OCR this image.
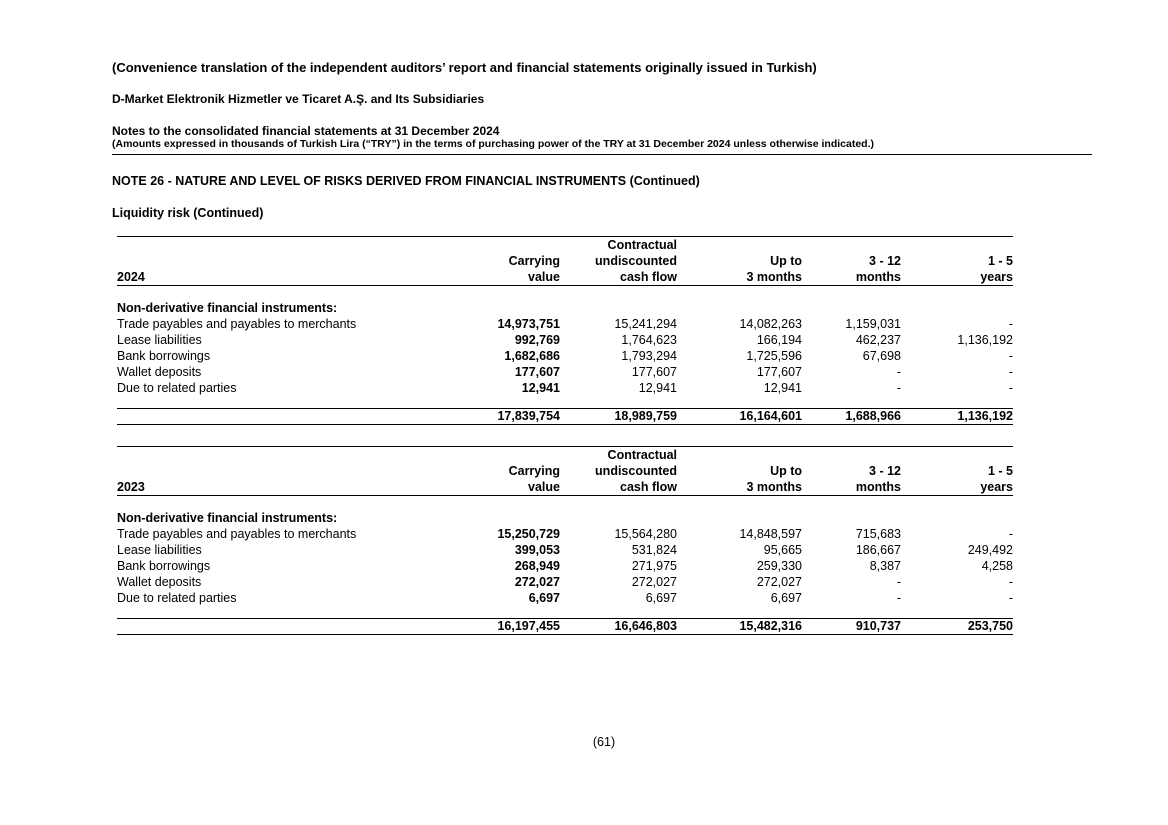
(Convenience translation of the independent auditors’ report and financial statements originally issued in Turkish)
D-Market Elektronik Hizmetler ve Ticaret A.Ş. and Its Subsidiaries
Notes to the consolidated financial statements at 31 December 2024
(Amounts expressed in thousands of Turkish Lira (“TRY”) in the terms of purchasing power of the TRY at 31 December 2024 unless otherwise indicated.)
NOTE 26 - NATURE AND LEVEL OF RISKS DERIVED FROM FINANCIAL INSTRUMENTS (Continued)
Liquidity risk (Continued)

		Contractual			
	Carrying	undiscounted	Up to	3 - 12	1 - 5
2024	value	cash flow	3 months	months	years

Non-derivative financial instruments:					
Trade payables and payables to merchants	14,973,751	15,241,294	14,082,263	1,159,031	-
Lease liabilities	992,769	1,764,623	166,194	462,237	1,136,192
Bank borrowings	1,682,686	1,793,294	1,725,596	67,698	-
Wallet deposits	177,607	177,607	177,607	-	-
Due to related parties	12,941	12,941	12,941	-	-

	17,839,754	18,989,759	16,164,601	1,688,966	1,136,192

		Contractual			
	Carrying	undiscounted	Up to	3 - 12	1 - 5
2023	value	cash flow	3 months	months	years

Non-derivative financial instruments:					
Trade payables and payables to merchants	15,250,729	15,564,280	14,848,597	715,683	-
Lease liabilities	399,053	531,824	95,665	186,667	249,492
Bank borrowings	268,949	271,975	259,330	8,387	4,258
Wallet deposits	272,027	272,027	272,027	-	-
Due to related parties	6,697	6,697	6,697	-	-

	16,197,455	16,646,803	15,482,316	910,737	253,750
(61)
